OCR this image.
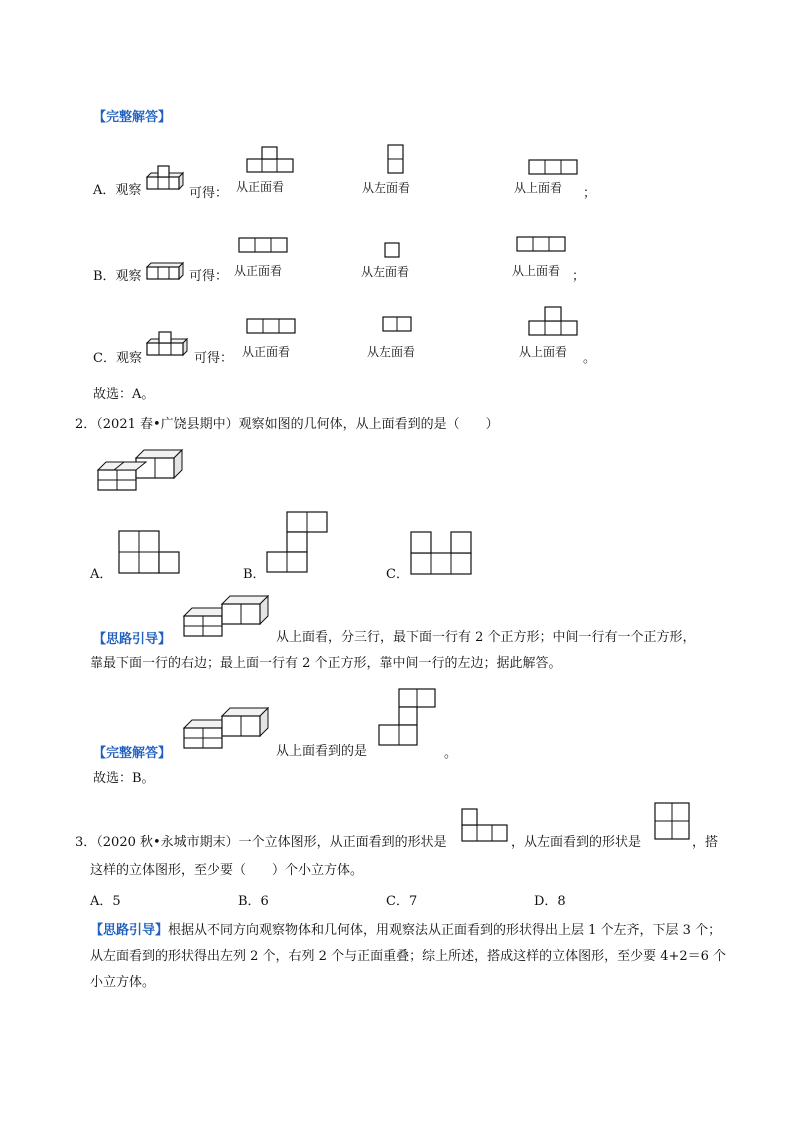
【完整解答】
A．观察	可得： 从正面看	从左面看	从上面看 ；
B．观察	可得： 从正面看	从左面看	从上面看 ；
C．观察	可得： 从正面看	从左面看	从上面看 。
故选：A。
2．（2021 春•广饶县期中）观察如图的几何体，从上面看到的是（　　）
A．	B．	C．
【思路引导】	从上面看，分三行，最下面一行有 2 个正方形；中间一行有一个正方形，
靠最下面一行的右边；最上面一行有 2 个正方形，靠中间一行的左边；据此解答。
【完整解答】	从上面看到的是	。
故选：B。
3．（2020 秋•永城市期末）一个立体图形，从正面看到的形状是	，从左面看到的形状是	，搭
这样的立体图形，至少要（　　）个小立方体。
A．5	B．6	C．7	D．8
【思路引导】根据从不同方向观察物体和几何体，用观察法从正面看到的形状得出上层 1 个左齐，下层 3 个；从左面看到的形状得出左列 2 个，右列 2 个与正面重叠；综上所述，搭成这样的立体图形，至少要 4+2＝6 个小立方体。
